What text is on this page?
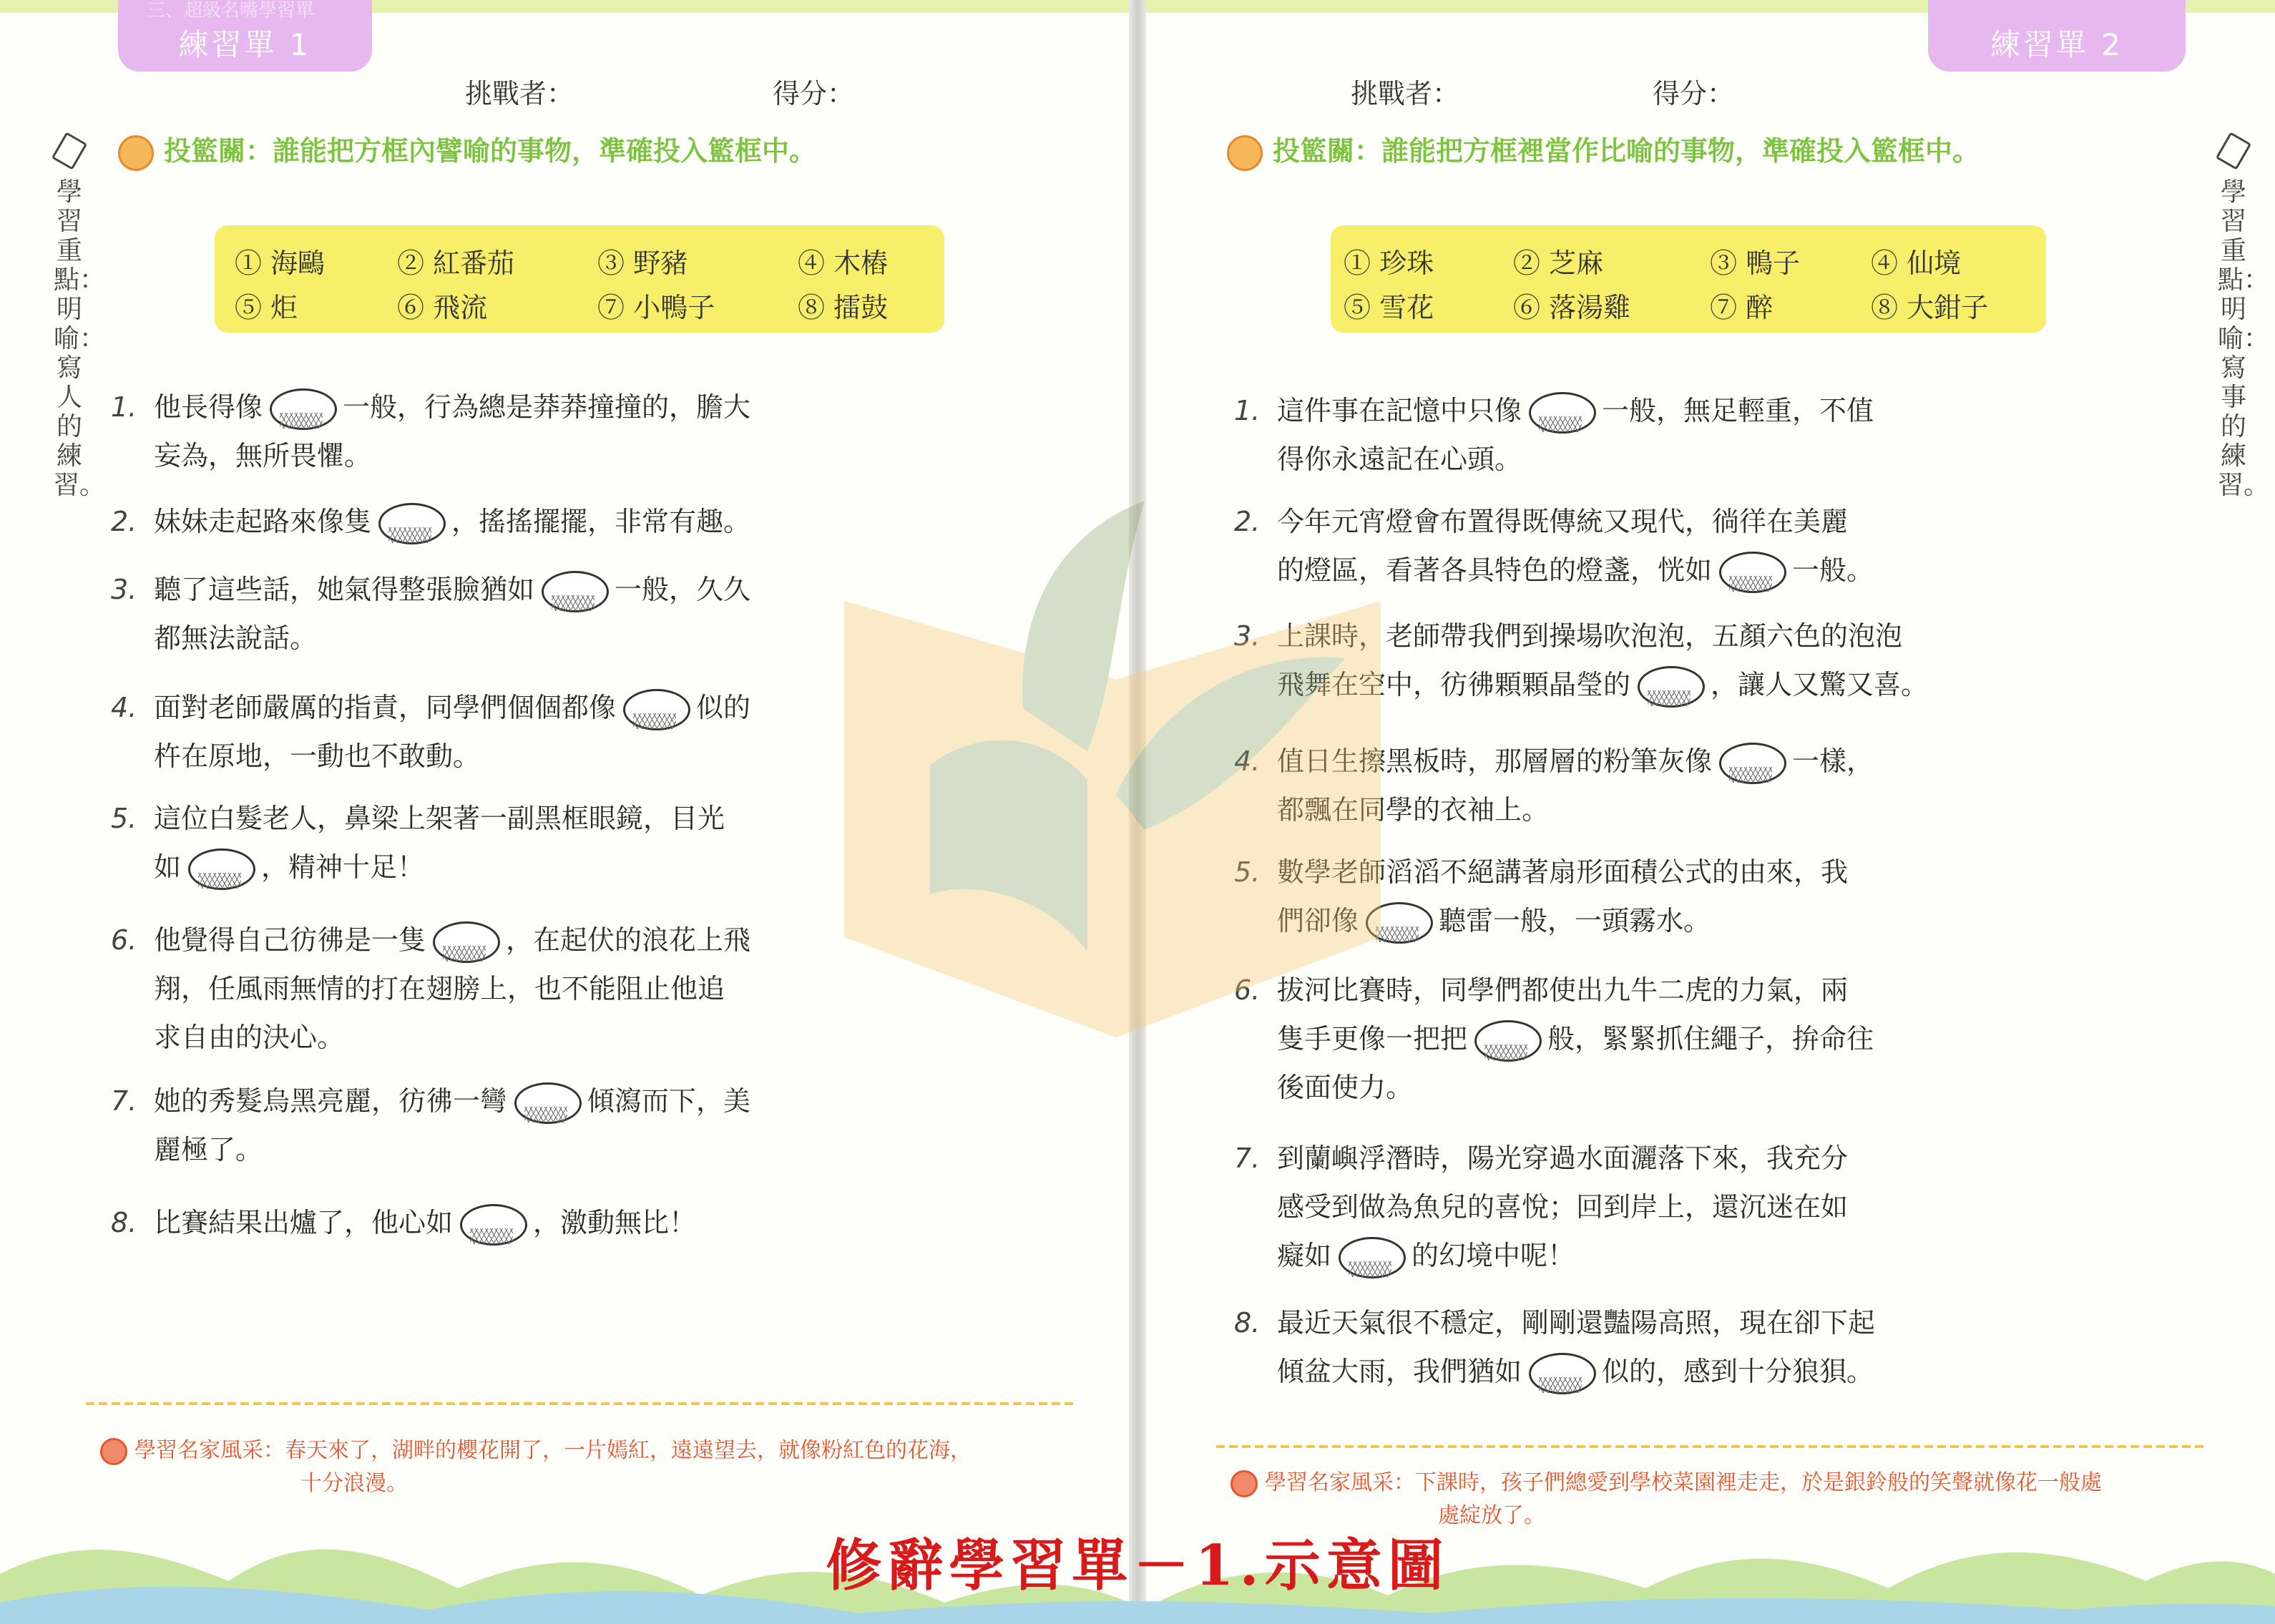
三、超級名嘴學習單
練習單 1
挑戰者：	得分：
投籃關：誰能把方框內譬喻的事物，準確投入籃框中。
① 海鷗	② 紅番茄	③ 野豬	④ 木樁
⑤ 炬	⑥ 飛流	⑦ 小鴨子	⑧ 擂鼓
1. 他長得像	一般，行為總是莽莽撞撞的，膽大
妄為，無所畏懼。
2. 妹妹走起路來像隻	，搖搖擺擺，非常有趣。
3. 聽了這些話，她氣得整張臉猶如	一般，久久
都無法說話。
4. 面對老師嚴厲的指責，同學們個個都像	似的
杵在原地，一動也不敢動。
5. 這位白髮老人，鼻梁上架著一副黑框眼鏡，目光
如	，精神十足！
6. 他覺得自己彷彿是一隻	，在起伏的浪花上飛
翔，任風雨無情的打在翅膀上，也不能阻止他追
求自由的決心。
7. 她的秀髮烏黑亮麗，彷彿一彎	傾瀉而下，美
麗極了。
8. 比賽結果出爐了，他心如	，激動無比！
學習名家風采：春天來了，湖畔的櫻花開了，一片嫣紅，遠遠望去，就像粉紅色的花海，
十分浪漫。
學習重點：明喻：寫人的練習。
練習單 2
挑戰者：	得分：
投籃關：誰能把方框裡當作比喻的事物，準確投入籃框中。
① 珍珠	② 芝麻	③ 鴨子	④ 仙境
⑤ 雪花	⑥ 落湯雞	⑦ 醉	⑧ 大鉗子
1. 這件事在記憶中只像	一般，無足輕重，不值
得你永遠記在心頭。
2. 今年元宵燈會布置得既傳統又現代，徜徉在美麗
的燈區，看著各具特色的燈盞，恍如	一般。
3. 上課時，老師帶我們到操場吹泡泡，五顏六色的泡泡
飛舞在空中，彷彿顆顆晶瑩的	，讓人又驚又喜。
4. 值日生擦黑板時，那層層的粉筆灰像	一樣，
都飄在同學的衣袖上。
5. 數學老師滔滔不絕講著扇形面積公式的由來，我
們卻像	聽雷一般，一頭霧水。
6. 拔河比賽時，同學們都使出九牛二虎的力氣，兩
隻手更像一把把	般，緊緊抓住繩子，拚命往
後面使力。
7. 到蘭嶼浮潛時，陽光穿過水面灑落下來，我充分
感受到做為魚兒的喜悅；回到岸上，還沉迷在如
癡如	的幻境中呢！
8. 最近天氣很不穩定，剛剛還豔陽高照，現在卻下起
傾盆大雨，我們猶如	似的，感到十分狼狽。
學習名家風采：下課時，孩子們總愛到學校菜園裡走走，於是銀鈴般的笑聲就像花一般處
處綻放了。
學習重點：明喻：寫事的練習。
修辭學習單－1.示意圖
